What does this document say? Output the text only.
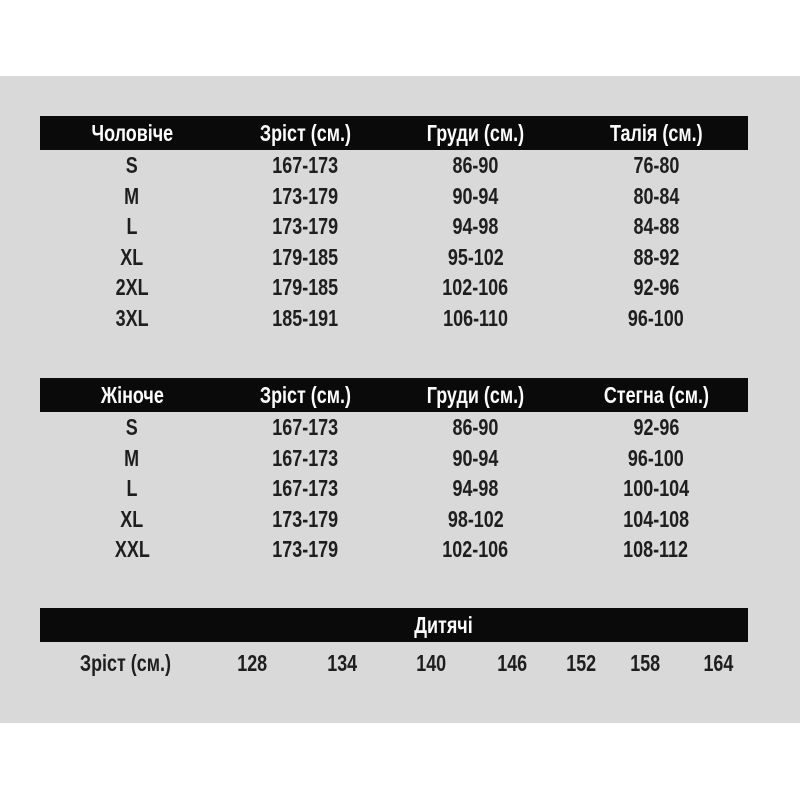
Чоловіче	Зріст (см.)	Груди (см.)	Талія (см.)
S	167-173	86-90	76-80
M	173-179	90-94	80-84
L	173-179	94-98	84-88
XL	179-185	95-102	88-92
2XL	179-185	102-106	92-96
3XL	185-191	106-110	96-100
Жіноче	Зріст (см.)	Груди (см.)	Стегна (см.)
S	167-173	86-90	92-96
M	167-173	90-94	96-100
L	167-173	94-98	100-104
XL	173-179	98-102	104-108
XXL	173-179	102-106	108-112
Дитячі
Зріст (см.)	128	134	140	146	152	158	164
